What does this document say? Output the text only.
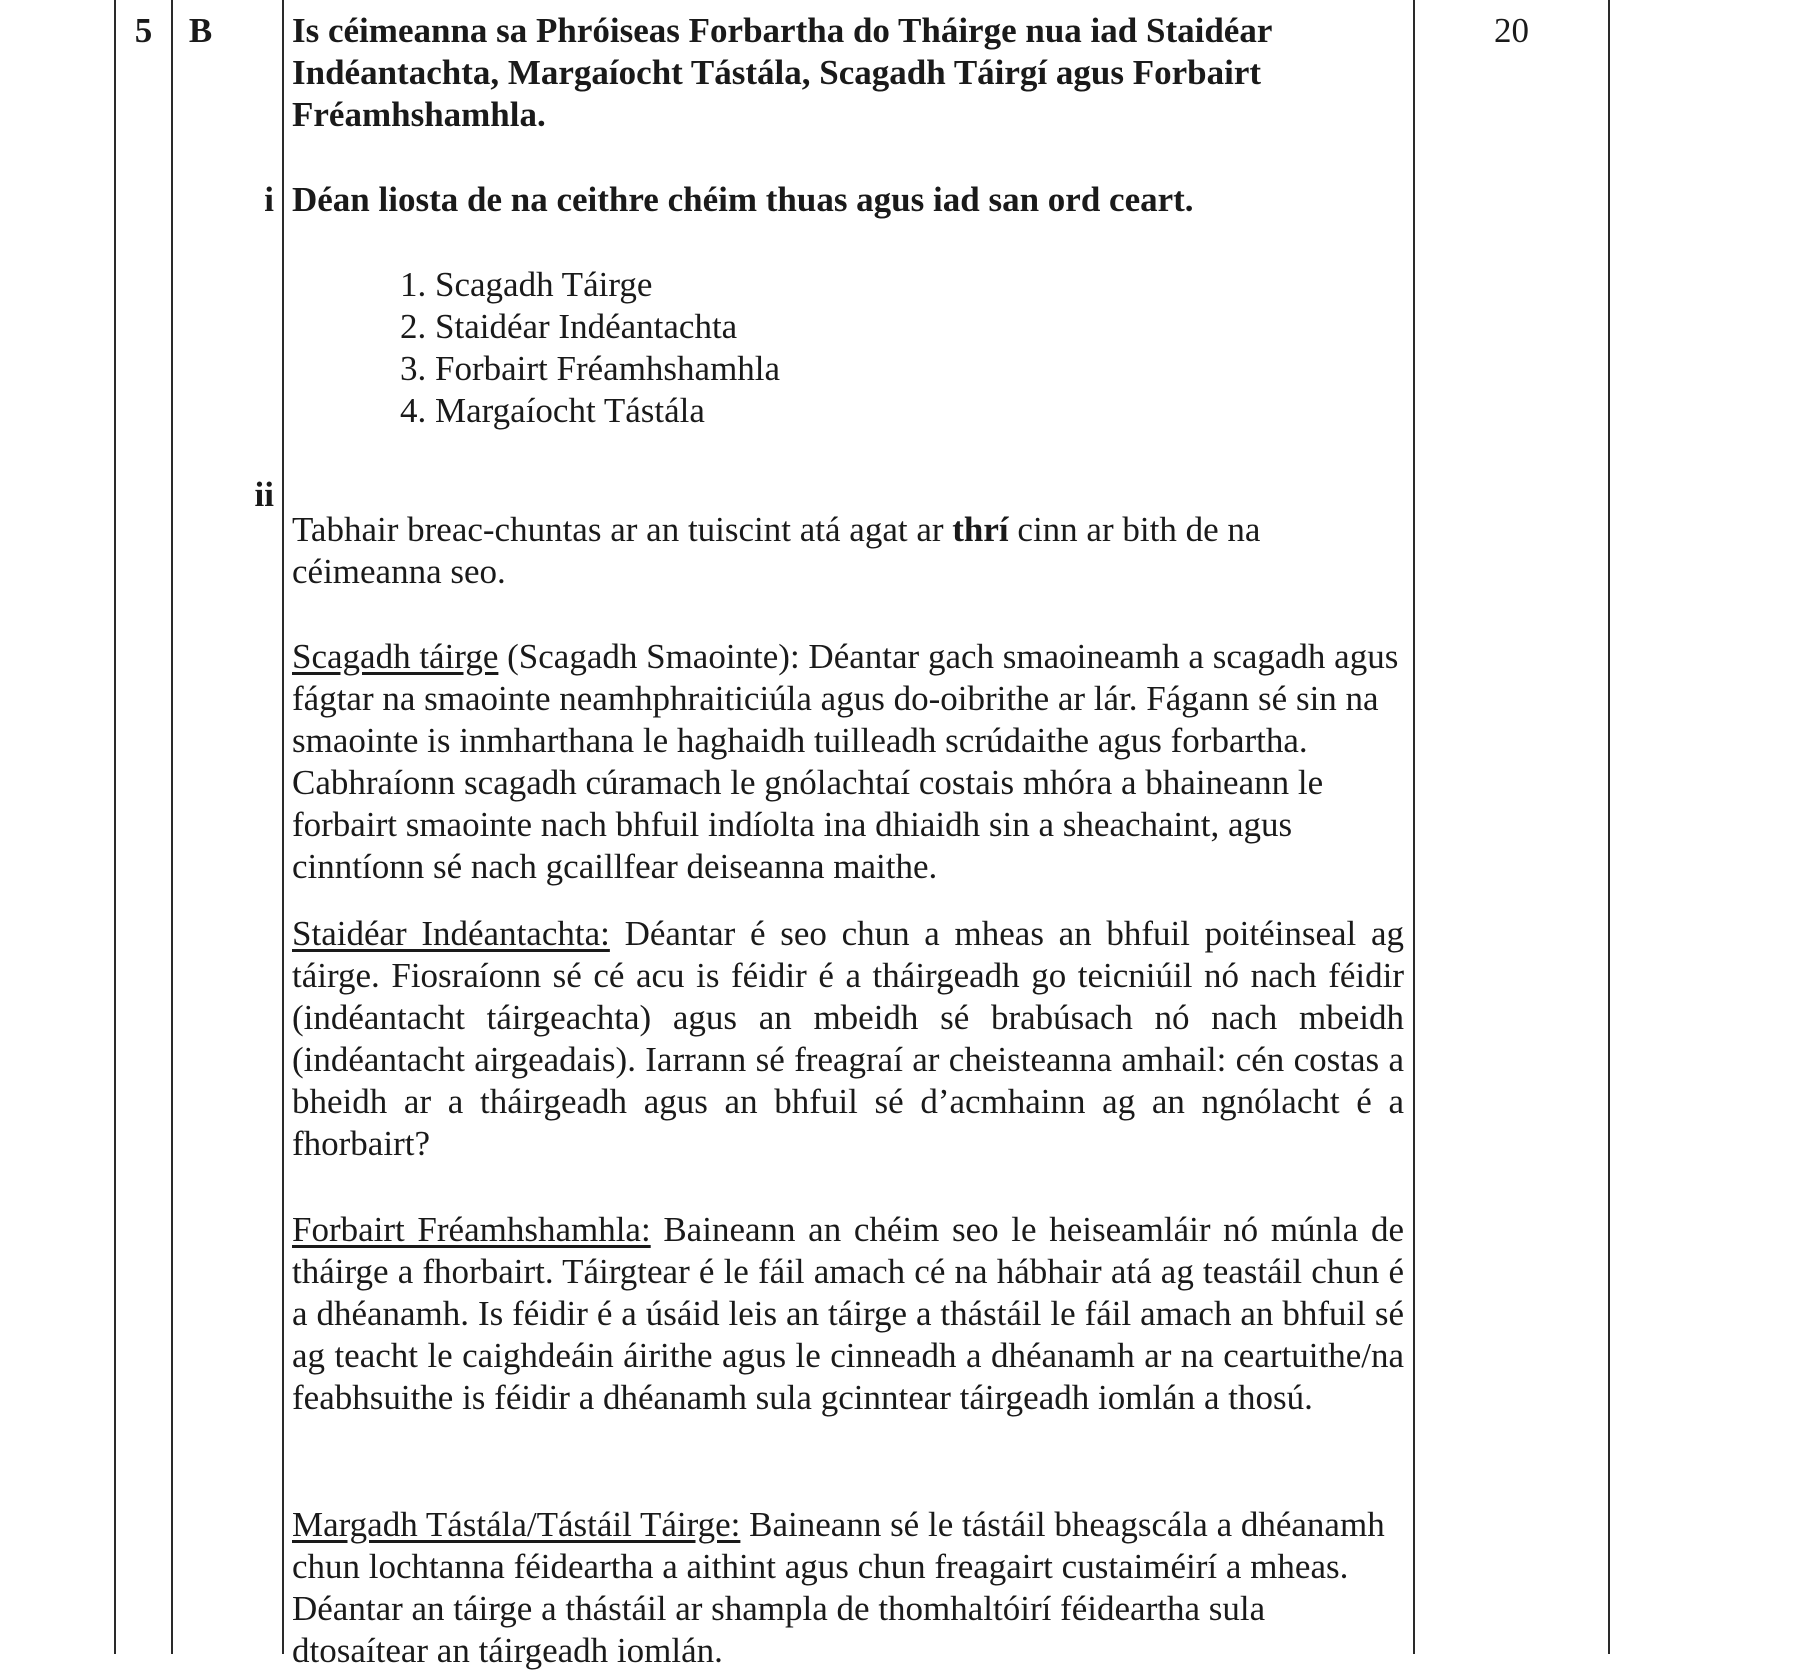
5	B
i
ii
20
Is céimeanna sa Phróiseas Forbartha do Tháirge nua iad Staidéar Indéantachta, Margaíocht Tástála, Scagadh Táirgí agus Forbairt Fréamhshamhla.
Déan liosta de na ceithre chéim thuas agus iad san ord ceart.
1. Scagadh Táirge
2. Staidéar Indéantachta
3. Forbairt Fréamhshamhla
4. Margaíocht Tástála

Tabhair breac-chuntas ar an tuiscint atá agat ar thrí cinn ar bith de na céimeanna seo.

Scagadh táirge (Scagadh Smaointe): Déantar gach smaoineamh a scagadh agus fágtar na smaointe neamhphraiticiúla agus do-oibrithe ar lár. Fágann sé sin na smaointe is inmharthana le haghaidh tuilleadh scrúdaithe agus forbartha. Cabhraíonn scagadh cúramach le gnólachtaí costais mhóra a bhaineann le forbairt smaointe nach bhfuil indíolta ina dhiaidh sin a sheachaint, agus cinntíonn sé nach gcaillfear deiseanna maithe.

Staidéar Indéantachta: Déantar é seo chun a mheas an bhfuil poitéinseal ag táirge. Fiosraíonn sé cé acu is féidir é a tháirgeadh go teicniúil nó nach féidir (indéantacht táirgeachta) agus an mbeidh sé brabúsach nó nach mbeidh (indéantacht airgeadais). Iarrann sé freagraí ar cheisteanna amhail: cén costas a bheidh ar a tháirgeadh agus an bhfuil sé d’acmhainn ag an ngnólacht é a fhorbairt?

Forbairt Fréamhshamhla: Baineann an chéim seo le heiseamláir nó múnla de tháirge a fhorbairt. Táirgtear é le fáil amach cé na hábhair atá ag teastáil chun é a dhéanamh. Is féidir é a úsáid leis an táirge a thástáil le fáil amach an bhfuil sé ag teacht le caighdeáin áirithe agus le cinneadh a dhéanamh ar na ceartuithe/na feabhsuithe is féidir a dhéanamh sula gcinntear táirgeadh iomlán a thosú.

Margadh Tástála/Tástáil Táirge: Baineann sé le tástáil bheagscála a dhéanamh chun lochtanna féideartha a aithint agus chun freagairt custaiméirí a mheas. Déantar an táirge a thástáil ar shampla de thomhaltóirí féideartha sula dtosaítear an táirgeadh iomlán.
